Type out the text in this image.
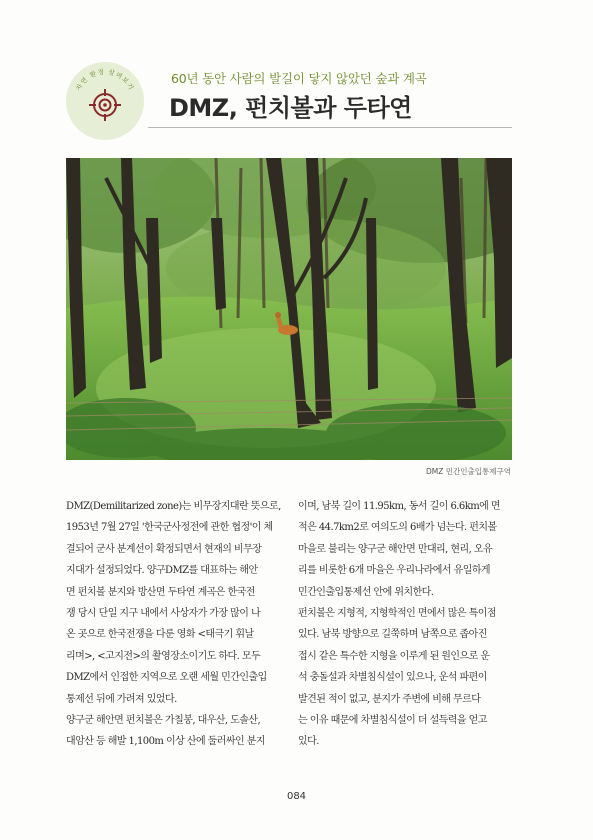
자연 환경 살펴보기
60년 동안 사람의 발길이 닿지 않았던 숲과 계곡
DMZ, 펀치볼과 두타연
DMZ 민간인출입통제구역

DMZ(Demilitarized zone)는 비무장지대란 뜻으로,

1953년 7월 27일 '한국군사정전에 관한 협정'이 체

결되어 군사 분계선이 확정되면서 현재의 비무장

지대가 설정되었다. 양구DMZ를 대표하는 해안

면 펀치볼 분지와 방산면 두타연 계곡은 한국전

쟁 당시 단일 지구 내에서 사상자가 가장 많이 나

온 곳으로 한국전쟁을 다룬 영화 <태극기 휘날

리며>, <고지전>의 촬영장소이기도 하다. 모두

DMZ에서 인접한 지역으로 오랜 세월 민간인출입

통제선 뒤에 가려져 있었다.

양구군 해안면 펀치볼은 가칠봉, 대우산, 도솔산,

대암산 등 해발 1,100m 이상 산에 둘러싸인 분지

이며, 남북 길이 11.95km, 동서 길이 6.6km에 면

적은 44.7km2로 여의도의 6배가 넘는다. 펀치볼

마을로 불리는 양구군 해안면 만대리, 현리, 오유

리를 비롯한 6개 마을은 우리나라에서 유일하게

민간인출입통제선 안에 위치한다.

펀치볼은 지형적, 지형학적인 면에서 많은 특이점

있다. 남북 방향으로 길쭉하며 남쪽으로 좁아진

접시 같은 특수한 지형을 이루게 된 원인으로 운

석 충돌설과 차별침식설이 있으나, 운석 파편이

발견된 적이 없고, 분지가 주변에 비해 무르다

는 이유 때문에 차별침식설이 더 설득력을 얻고

있다.

084
